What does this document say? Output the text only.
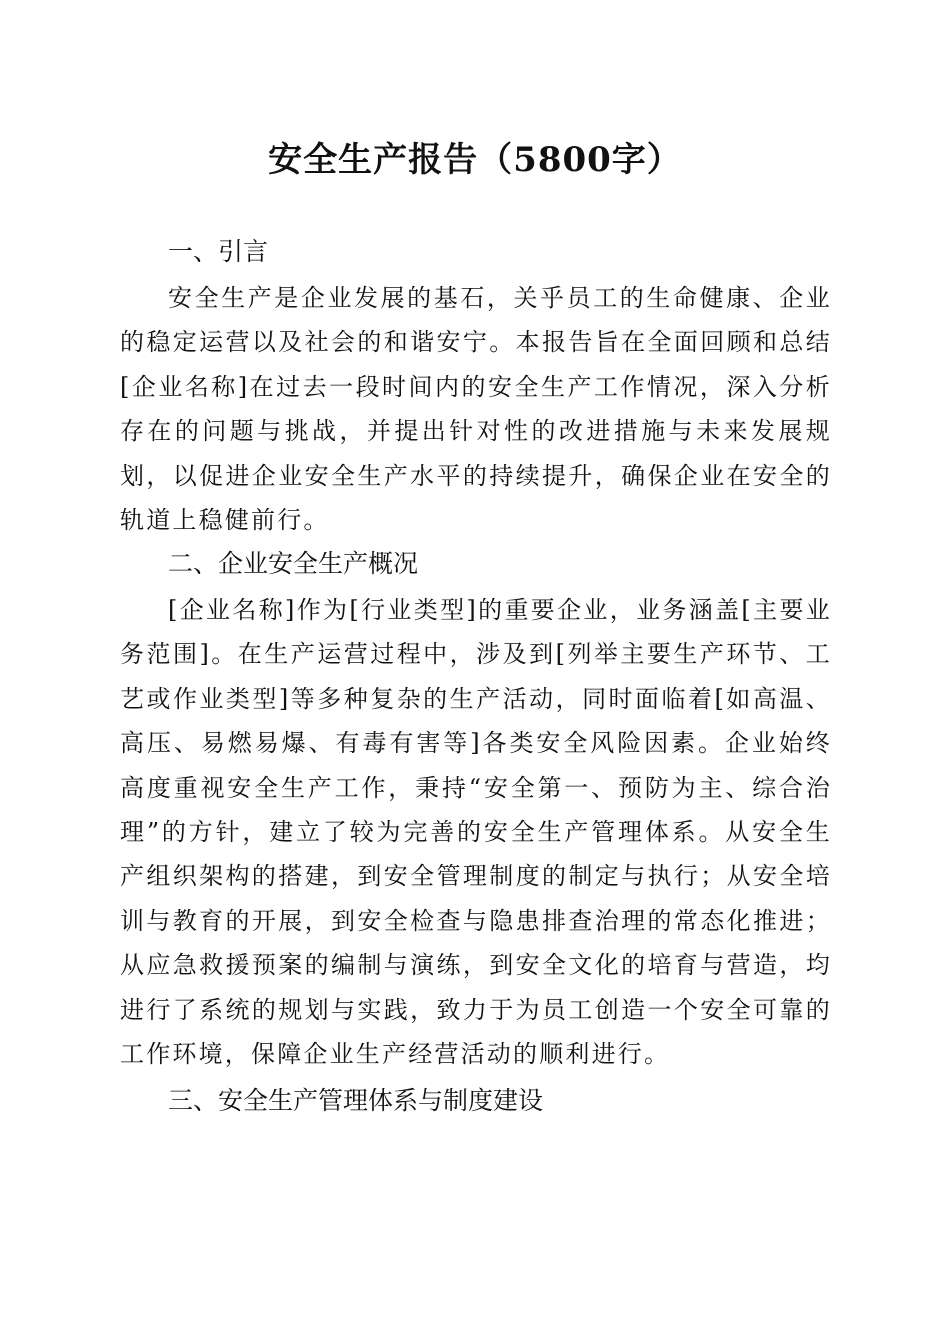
安全生产报告（5800字）
一、引言

安全生产是企业发展的基石，关乎员工的生命健康、企业的稳定运营以及社会的和谐安宁。本报告旨在全面回顾和总结[企业名称]在过去一段时间内的安全生产工作情况，深入分析存在的问题与挑战，并提出针对性的改进措施与未来发展规划，以促进企业安全生产水平的持续提升，确保企业在安全的轨道上稳健前行。

二、企业安全生产概况

[企业名称]作为[行业类型]的重要企业，业务涵盖[主要业务范围]。在生产运营过程中，涉及到[列举主要生产环节、工艺或作业类型]等多种复杂的生产活动，同时面临着[如高温、高压、易燃易爆、有毒有害等]各类安全风险因素。企业始终高度重视安全生产工作，秉持“安全第一、预防为主、综合治理”的方针，建立了较为完善的安全生产管理体系。从安全生产组织架构的搭建，到安全管理制度的制定与执行；从安全培训与教育的开展，到安全检查与隐患排查治理的常态化推进；从应急救援预案的编制与演练，到安全文化的培育与营造，均进行了系统的规划与实践，致力于为员工创造一个安全可靠的工作环境，保障企业生产经营活动的顺利进行。

三、安全生产管理体系与制度建设
